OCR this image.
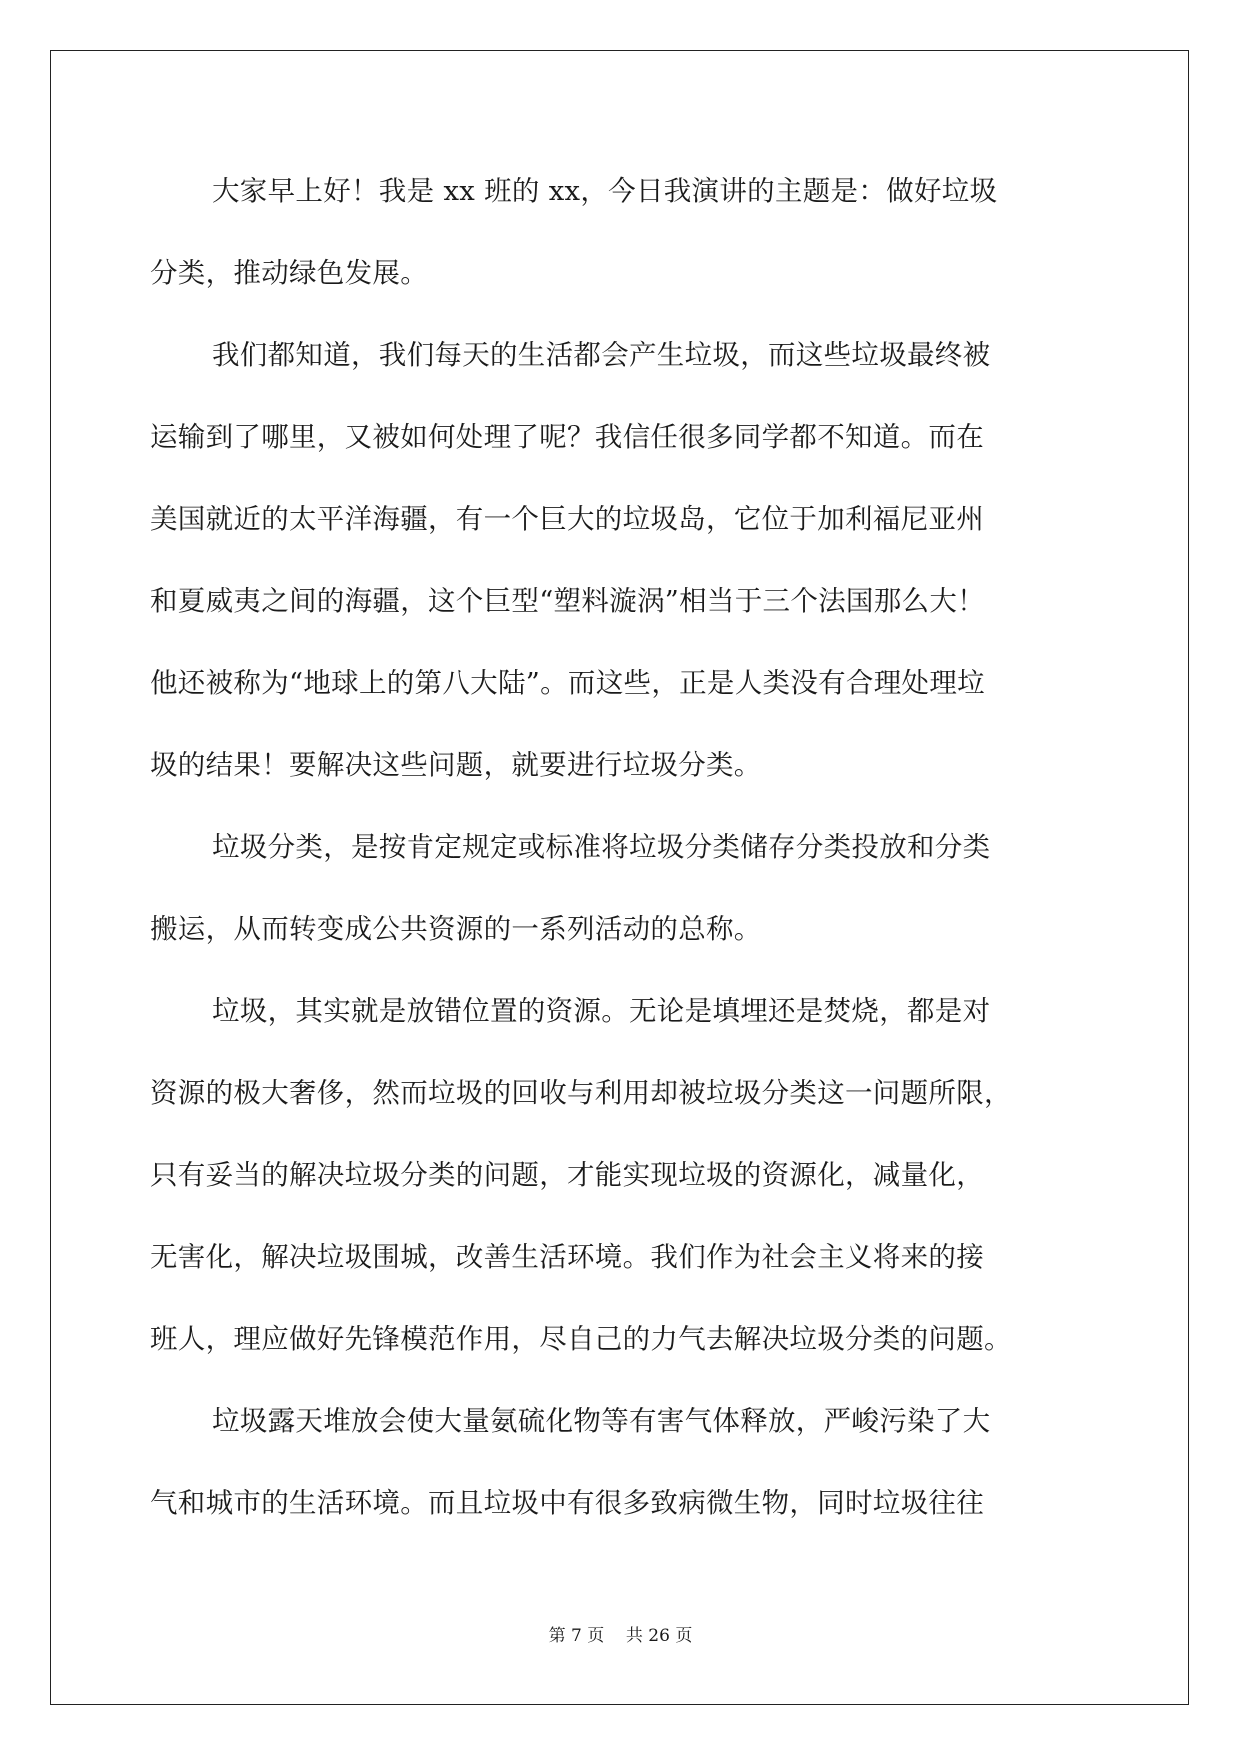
大家早上好！我是 xx 班的 xx，今日我演讲的主题是：做好垃圾
分类，推动绿色发展。
我们都知道，我们每天的生活都会产生垃圾，而这些垃圾最终被
运输到了哪里，又被如何处理了呢？我信任很多同学都不知道。而在
美国就近的太平洋海疆，有一个巨大的垃圾岛，它位于加利福尼亚州
和夏威夷之间的海疆，这个巨型“塑料漩涡”相当于三个法国那么大！
他还被称为“地球上的第八大陆”。而这些，正是人类没有合理处理垃
圾的结果！要解决这些问题，就要进行垃圾分类。
垃圾分类，是按肯定规定或标准将垃圾分类储存分类投放和分类
搬运，从而转变成公共资源的一系列活动的总称。
垃圾，其实就是放错位置的资源。无论是填埋还是焚烧，都是对
资源的极大奢侈，然而垃圾的回收与利用却被垃圾分类这一问题所限，
只有妥当的解决垃圾分类的问题，才能实现垃圾的资源化，减量化，
无害化，解决垃圾围城，改善生活环境。我们作为社会主义将来的接
班人，理应做好先锋模范作用，尽自己的力气去解决垃圾分类的问题。
垃圾露天堆放会使大量氨硫化物等有害气体释放，严峻污染了大
气和城市的生活环境。而且垃圾中有很多致病微生物，同时垃圾往往
第 7 页    共 26 页
